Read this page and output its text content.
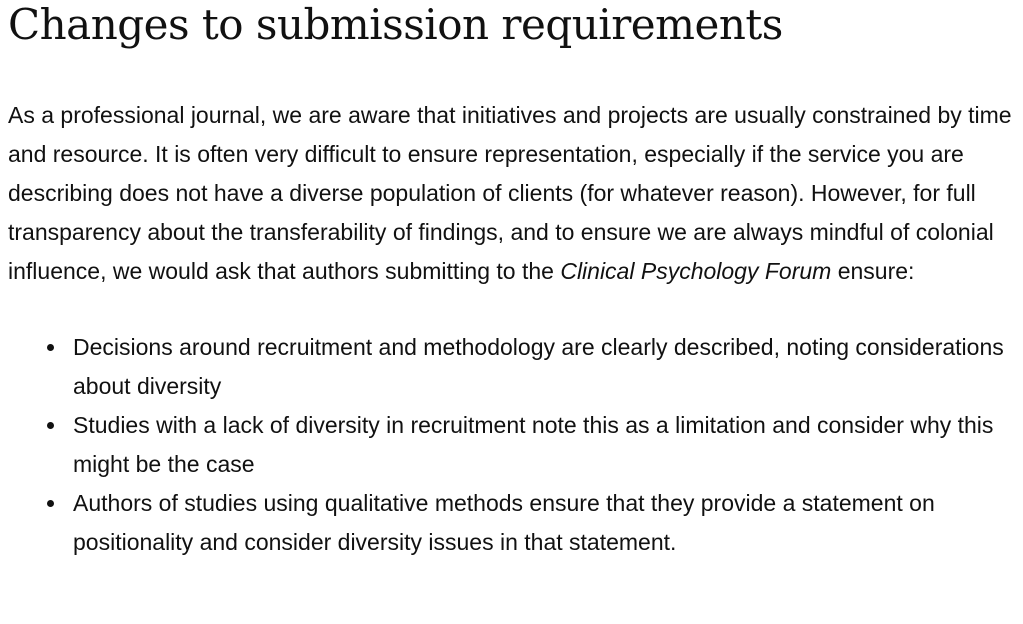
Changes to submission requirements

As a professional journal, we are aware that initiatives and projects are usually constrained by time and resource. It is often very difficult to ensure representation, especially if the service you are describing does not have a diverse population of clients (for whatever reason). However, for full transparency about the transferability of findings, and to ensure we are always mindful of colonial influence, we would ask that authors submitting to the Clinical Psychology Forum ensure:

Decisions around recruitment and methodology are clearly described, noting considerations about diversity
Studies with a lack of diversity in recruitment note this as a limitation and consider why this might be the case
Authors of studies using qualitative methods ensure that they provide a statement on positionality and consider diversity issues in that statement.
